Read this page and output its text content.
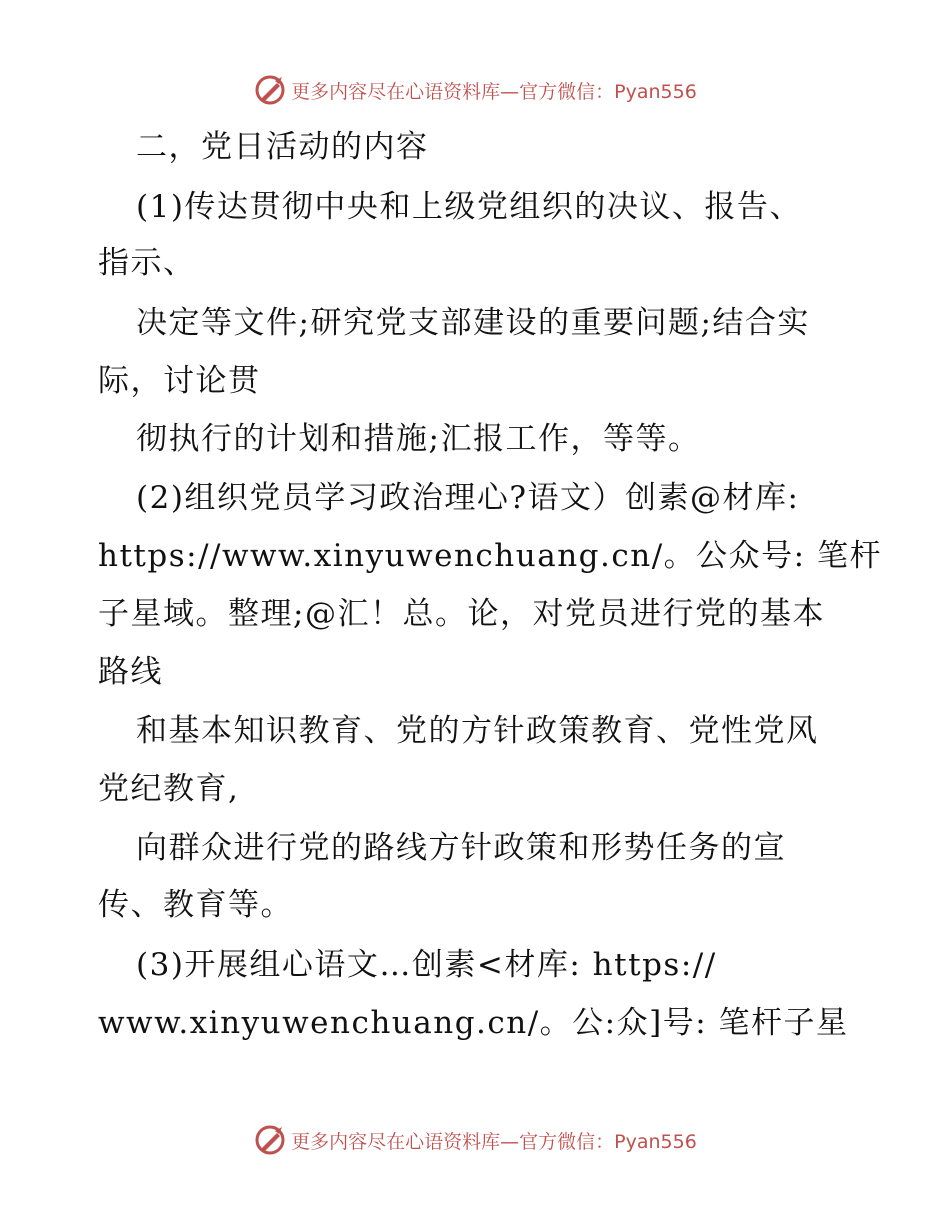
更多内容尽在心语资料库—官方微信：Pyan556
二，党日活动的内容
(1)传达贯彻中央和上级党组织的决议、报告、
指示、
决定等文件;研究党支部建设的重要问题;结合实
际，讨论贯
彻执行的计划和措施;汇报工作，等等。
(2)组织党员学习政治理心?语文）创素@材库:
https://www.xinyuwenchuang.cn/。公众号: 笔杆
子星域。整理;@汇！总。论，对党员进行党的基本
路线
和基本知识教育、党的方针政策教育、党性党风
党纪教育,
向群众进行党的路线方针政策和形势任务的宣
传、教育等。
(3)开展组心语文…创素<材库: https://
www.xinyuwenchuang.cn/。公:众]号: 笔杆子星
更多内容尽在心语资料库—官方微信：Pyan556
